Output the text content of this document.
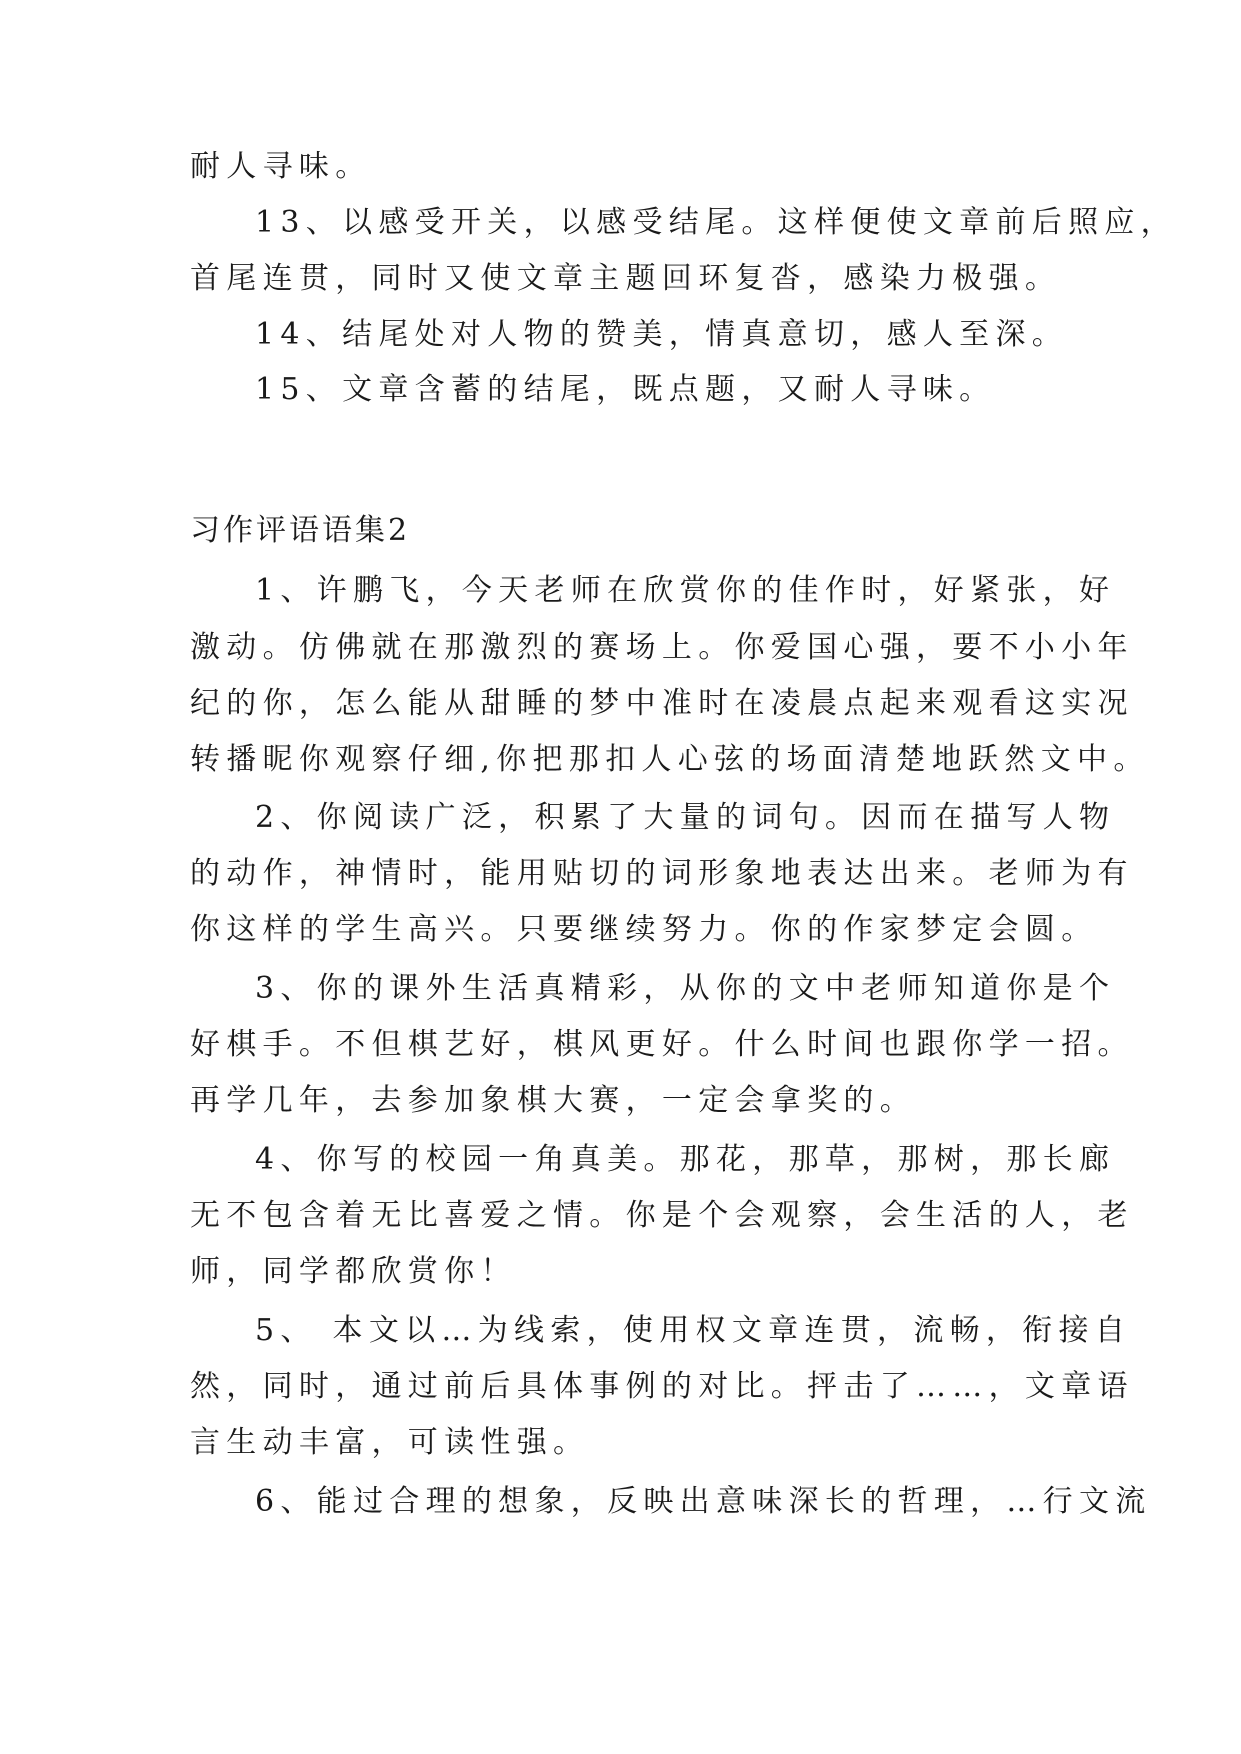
耐人寻味。
13、以感受开关，以感受结尾。这样便使文章前后照应，
首尾连贯，同时又使文章主题回环复沓，感染力极强。
14、结尾处对人物的赞美，情真意切，感人至深。
15、文章含蓄的结尾，既点题，又耐人寻味。
习作评语语集2
1、许鹏飞，今天老师在欣赏你的佳作时，好紧张，好
激动。仿佛就在那激烈的赛场上。你爱国心强，要不小小年
纪的你，怎么能从甜睡的梦中准时在凌晨点起来观看这实况
转播昵你观察仔细,你把那扣人心弦的场面清楚地跃然文中。
2、你阅读广泛，积累了大量的词句。因而在描写人物
的动作，神情时，能用贴切的词形象地表达出来。老师为有
你这样的学生高兴。只要继续努力。你的作家梦定会圆。
3、你的课外生活真精彩，从你的文中老师知道你是个
好棋手。不但棋艺好，棋风更好。什么时间也跟你学一招。
再学几年，去参加象棋大赛，一定会拿奖的。
4、你写的校园一角真美。那花，那草，那树，那长廊
无不包含着无比喜爱之情。你是个会观察，会生活的人，老
师，同学都欣赏你！
5、 本文以…为线索，使用权文章连贯，流畅，衔接自
然，同时，通过前后具体事例的对比。抨击了……，文章语
言生动丰富，可读性强。
6、能过合理的想象，反映出意味深长的哲理，…行文流
